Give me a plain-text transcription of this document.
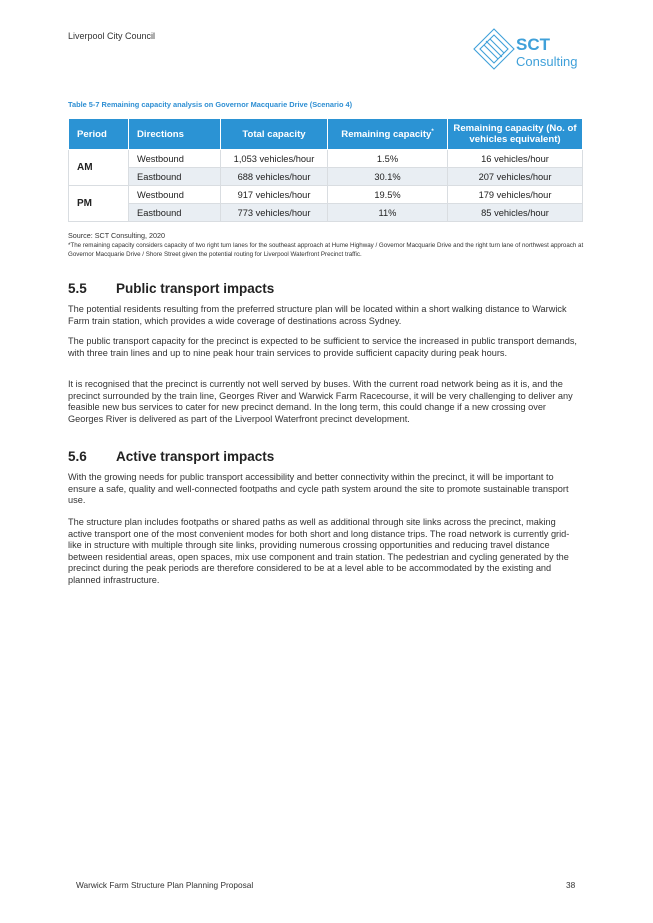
Liverpool City Council	SCT
Consulting
Table 5-7 Remaining capacity analysis on Governor Macquarie Drive (Scenario 4)
Period	Directions	Total capacity	Remaining capacity*	Remaining capacity (No. of vehicles equivalent)
AM	Westbound	1,053 vehicles/hour	1.5%	16 vehicles/hour
	Eastbound	688 vehicles/hour	30.1%	207 vehicles/hour
PM	Westbound	917 vehicles/hour	19.5%	179 vehicles/hour
	Eastbound	773 vehicles/hour	11%	85 vehicles/hour
Source: SCT Consulting, 2020
*The remaining capacity considers capacity of two right turn lanes for the southeast approach at Hume Highway / Governor Macquarie Drive and the right turn lane of northwest approach at Governor Macquarie Drive / Shore Street given the potential routing for Liverpool Waterfront Precinct traffic.
5.5 Public transport impacts

The potential residents resulting from the preferred structure plan will be located within a short walking distance to Warwick Farm train station, which provides a wide coverage of destinations across Sydney.

The public transport capacity for the precinct is expected to be sufficient to service the increased in public transport demands, with three train lines and up to nine peak hour train services to provide sufficient capacity during peak hours.

It is recognised that the precinct is currently not well served by buses. With the current road network being as it is, and the precinct surrounded by the train line, Georges River and Warwick Farm Racecourse, it will be very challenging to deliver any feasible new bus services to cater for new precinct demand. In the long term, this could change if a new crossing over Georges River is delivered as part of the Liverpool Waterfront precinct development.

5.6 Active transport impacts

With the growing needs for public transport accessibility and better connectivity within the precinct, it will be important to ensure a safe, quality and well-connected footpaths and cycle path system around the site to promote sustainable transport use.

The structure plan includes footpaths or shared paths as well as additional through site links across the precinct, making active transport one of the most convenient modes for both short and long distance trips. The road network is currently grid-like in structure with multiple through site links, providing numerous crossing opportunities and reducing travel distance between residential areas, open spaces, mix use component and train station. The pedestrian and cycling generated by the precinct during the peak periods are therefore considered to be at a level able to be accommodated by the existing and planned infrastructure.

Warwick Farm Structure Plan Planning Proposal	38
